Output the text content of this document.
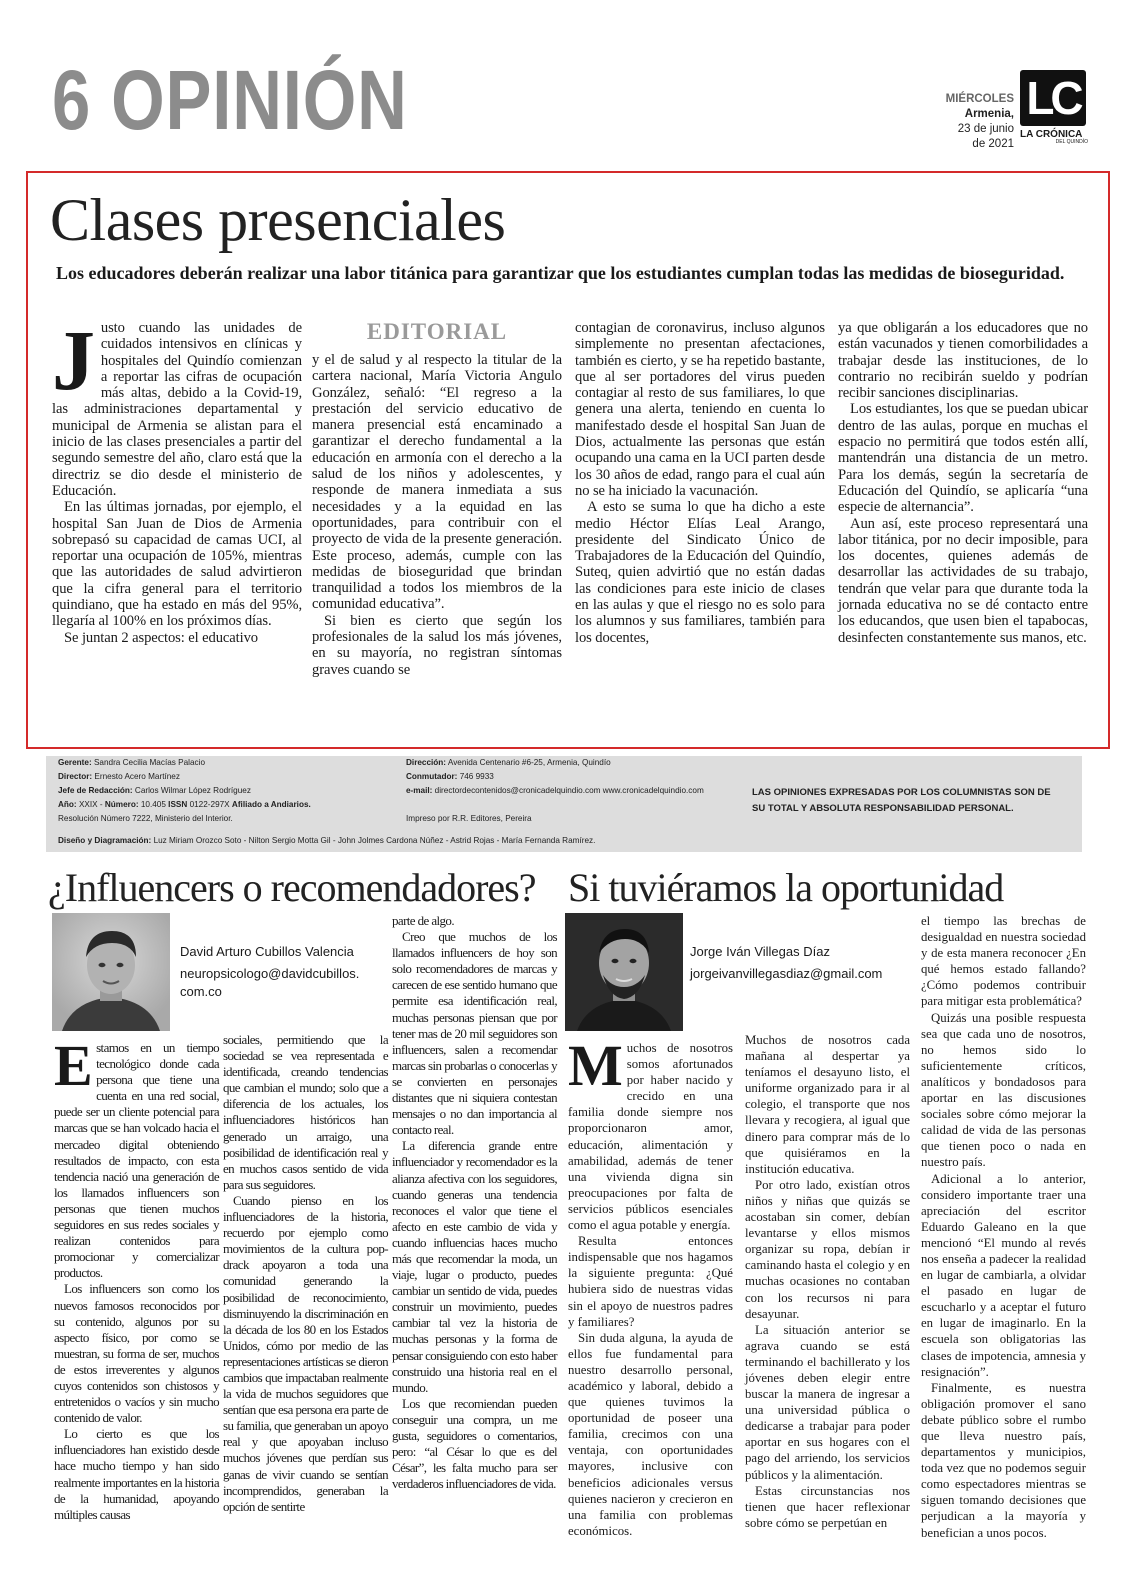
6 OPINIÓN	MIÉRCOLES
Armenia,
23 de junio
de 2021
LC
LA CRÓNICA
DEL QUINDÍO
Clases presenciales
Los educadores deberán realizar una labor titánica para garantizar que los estudiantes cumplan todas las medidas de bioseguridad.

Justo cuando las unidades de cuidados intensivos en clínicas y hospitales del Quindío comienzan a reportar las cifras de ocupación más altas, debido a la Covid-19, las administraciones departamental y municipal de Armenia se alistan para el inicio de las clases presenciales a partir del segundo semestre del año, claro está que la directriz se dio desde el ministerio de Educación.

En las últimas jornadas, por ejemplo, el hospital San Juan de Dios de Armenia sobrepasó su capacidad de camas UCI, al reportar una ocupación de 105%, mientras que las autoridades de salud advirtieron que la cifra general para el territorio quindiano, que ha estado en más del 95%, llegaría al 100% en los próximos días.

Se juntan 2 aspectos: el educativo

EDITORIAL

y el de salud y al respecto la titular de la cartera nacional, María Victoria Angulo González, señaló: “El regreso a la prestación del servicio educativo de manera presencial está encaminado a garantizar el derecho fundamental a la educación en armonía con el derecho a la salud de los niños y adolescentes, y responde de manera inmediata a sus necesidades y a la equidad en las oportunidades, para contribuir con el proyecto de vida de la presente generación. Este proceso, además, cumple con las medidas de bioseguridad que brindan tranquilidad a todos los miembros de la comunidad educativa”.

Si bien es cierto que según los profesionales de la salud los más jóvenes, en su mayoría, no registran síntomas graves cuando se

contagian de coronavirus, incluso algunos simplemente no presentan afectaciones, también es cierto, y se ha repetido bastante, que al ser portadores del virus pueden contagiar al resto de sus familiares, lo que genera una alerta, teniendo en cuenta lo manifestado desde el hospital San Juan de Dios, actualmente las personas que están ocupando una cama en la UCI parten desde los 30 años de edad, rango para el cual aún no se ha iniciado la vacunación.

A esto se suma lo que ha dicho a este medio Héctor Elías Leal Arango, presidente del Sindicato Único de Trabajadores de la Educación del Quindío, Suteq, quien advirtió que no están dadas las condiciones para este inicio de clases en las aulas y que el riesgo no es solo para los alumnos y sus familiares, también para los docentes,

ya que obligarán a los educadores que no están vacunados y tienen comorbilidades a trabajar desde las instituciones, de lo contrario no recibirán sueldo y podrían recibir sanciones disciplinarias.

Los estudiantes, los que se puedan ubicar dentro de las aulas, porque en muchas el espacio no permitirá que todos estén allí, mantendrán una distancia de un metro. Para los demás, según la secretaría de Educación del Quindío, se aplicaría “una especie de alternancia”.

Aun así, este proceso representará una labor titánica, por no decir imposible, para los docentes, quienes además de desarrollar las actividades de su trabajo, tendrán que velar para que durante toda la jornada educativa no se dé contacto entre los educandos, que usen bien el tapabocas, desinfecten constantemente sus manos, etc.

Gerente: Sandra Cecilia Macías Palacio
Director: Ernesto Acero Martínez
Jefe de Redacción: Carlos Wilmar López Rodríguez
Año: XXIX - Número: 10.405 ISSN 0122-297X Afiliado a Andiarios.
Resolución Número 7222, Ministerio del Interior.
Dirección: Avenida Centenario #6-25, Armenia, Quindío
Conmutador: 746 9933
e-mail: directordecontenidos@cronicadelquindio.com www.cronicadelquindio.com
Impreso por R.R. Editores, Pereira
LAS OPINIONES EXPRESADAS POR LOS COLUMNISTAS SON DE
SU TOTAL Y ABSOLUTA RESPONSABILIDAD PERSONAL.
Diseño y Diagramación: Luz Miriam Orozco Soto - Nilton Sergio Motta Gil - John Jolmes Cardona Núñez - Astrid Rojas - María Fernanda Ramírez.
¿Influencers o recomendadores?
David Arturo Cubillos Valencia
neuropsicologo@davidcubillos.
com.co

Estamos en un tiempo tecnológico donde cada persona que tiene una cuenta en una red social, puede ser un cliente potencial para marcas que se han volcado hacia el mercadeo digital obteniendo resultados de impacto, con esta tendencia nació una generación de los llamados influencers son personas que tienen muchos seguidores en sus redes sociales y realizan contenidos para promocionar y comercializar productos.

Los influencers son como los nuevos famosos reconocidos por su contenido, algunos por su aspecto físico, por como se muestran, su forma de ser, muchos de estos irreverentes y algunos cuyos contenidos son chistosos y entretenidos o vacíos y sin mucho contenido de valor.

Lo cierto es que los influenciadores han existido desde hace mucho tiempo y han sido realmente importantes en la historia de la humanidad, apoyando múltiples causas

sociales, permitiendo que la sociedad se vea representada e identificada, creando tendencias que cambian el mundo; solo que a diferencia de los actuales, los influenciadores históricos han generado un arraigo, una posibilidad de identificación real y en muchos casos sentido de vida para sus seguidores.

Cuando pienso en los influenciadores de la historia, recuerdo por ejemplo como movimientos de la cultura pop-drack apoyaron a toda una comunidad generando la posibilidad de reconocimiento, disminuyendo la discriminación en la década de los 80 en los Estados Unidos, cómo por medio de las representaciones artísticas se dieron cambios que impactaban realmente la vida de muchos seguidores que sentían que esa persona era parte de su familia, que generaban un apoyo real y que apoyaban incluso muchos jóvenes que perdían sus ganas de vivir cuando se sentían incomprendidos, generaban la opción de sentirte

parte de algo.

Creo que muchos de los llamados influencers de hoy son solo recomendadores de marcas y carecen de ese sentido humano que permite esa identificación real, muchas personas piensan que por tener mas de 20 mil seguidores son influencers, salen a recomendar marcas sin probarlas o conocerlas y se convierten en personajes distantes que ni siquiera contestan mensajes o no dan importancia al contacto real.

La diferencia grande entre influenciador y recomendador es la alianza afectiva con los seguidores, cuando generas una tendencia reconoces el valor que tiene el afecto en este cambio de vida y cuando influencias haces mucho más que recomendar la moda, un viaje, lugar o producto, puedes cambiar un sentido de vida, puedes construir un movimiento, puedes cambiar tal vez la historia de muchas personas y la forma de pensar consiguiendo con esto haber construido una historia real en el mundo.

Los que recomiendan pueden conseguir una compra, un me gusta, seguidores o comentarios, pero: “al César lo que es del César”, les falta mucho para ser verdaderos influenciadores de vida.

Si tuviéramos la oportunidad
Jorge Iván Villegas Díaz
jorgeivanvillegasdiaz@gmail.com

Muchos de nosotros somos afortunados por haber nacido y crecido en una familia donde siempre nos proporcionaron amor, educación, alimentación y amabilidad, además de tener una vivienda digna sin preocupaciones por falta de servicios públicos esenciales como el agua potable y energía.

Resulta entonces indispensable que nos hagamos la siguiente pregunta: ¿Qué hubiera sido de nuestras vidas sin el apoyo de nuestros padres y familiares?

Sin duda alguna, la ayuda de ellos fue fundamental para nuestro desarrollo personal, académico y laboral, debido a que quienes tuvimos la oportunidad de poseer una familia, crecimos con una ventaja, con oportunidades mayores, inclusive con beneficios adicionales versus quienes nacieron y crecieron en una familia con problemas económicos.

Muchos de nosotros cada mañana al despertar ya teníamos el desayuno listo, el uniforme organizado para ir al colegio, el transporte que nos llevara y recogiera, al igual que dinero para comprar más de lo que quisiéramos en la institución educativa.

Por otro lado, existían otros niños y niñas que quizás se acostaban sin comer, debían levantarse y ellos mismos organizar su ropa, debían ir caminando hasta el colegio y en muchas ocasiones no contaban con los recursos ni para desayunar.

La situación anterior se agrava cuando se está terminando el bachillerato y los jóvenes deben elegir entre buscar la manera de ingresar a una universidad pública o dedicarse a trabajar para poder aportar en sus hogares con el pago del arriendo, los servicios públicos y la alimentación.

Estas circunstancias nos tienen que hacer reflexionar sobre cómo se perpetúan en

el tiempo las brechas de desigualdad en nuestra sociedad y de esta manera reconocer ¿En qué hemos estado fallando? ¿Cómo podemos contribuir para mitigar esta problemática?

Quizás una posible respuesta sea que cada uno de nosotros, no hemos sido lo suficientemente críticos, analíticos y bondadosos para aportar en las discusiones sociales sobre cómo mejorar la calidad de vida de las personas que tienen poco o nada en nuestro país.

Adicional a lo anterior, considero importante traer una apreciación del escritor Eduardo Galeano en la que mencionó “El mundo al revés nos enseña a padecer la realidad en lugar de cambiarla, a olvidar el pasado en lugar de escucharlo y a aceptar el futuro en lugar de imaginarlo. En la escuela son obligatorias las clases de impotencia, amnesia y resignación”.

Finalmente, es nuestra obligación promover el sano debate público sobre el rumbo que lleva nuestro país, departamentos y municipios, toda vez que no podemos seguir como espectadores mientras se siguen tomando decisiones que perjudican a la mayoría y benefician a unos pocos.
